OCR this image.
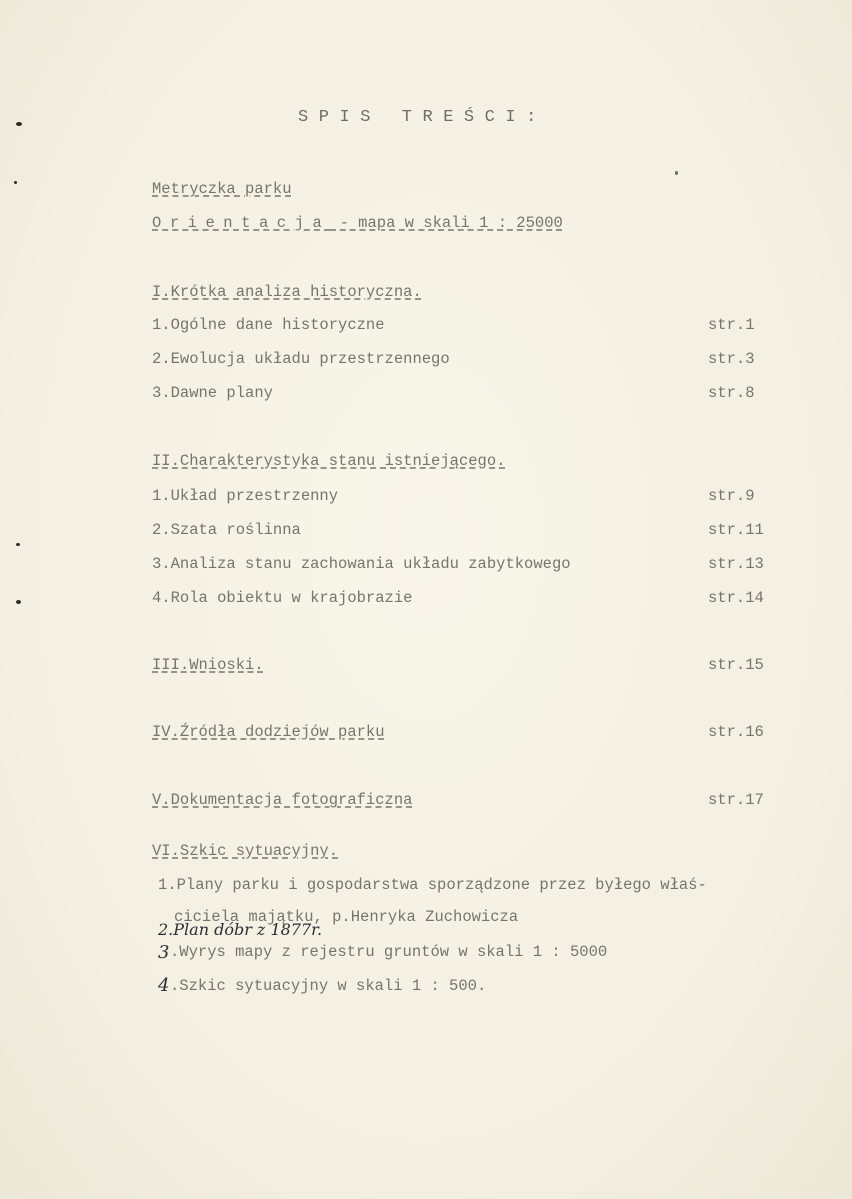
SPIS TREŚCI:
Metryczka parku
Orientacja - mapa w skali 1 : 25000
I.Krótka analiza historyczna.
1.Ogólne dane historyczne	str.1
2.Ewolucja układu przestrzennego	str.3
3.Dawne plany	str.8
II.Charakterystyka stanu istniejącego.
1.Układ przestrzenny	str.9
2.Szata roślinna	str.11
3.Analiza stanu zachowania układu zabytkowego	str.13
4.Rola obiektu w krajobrazie	str.14
III.Wnioski.	str.15
IV.Źródła dodziejów parku	str.16
V.Dokumentacja fotograficzna	str.17
VI.Szkic sytuacyjny.
1.Plany parku i gospodarstwa sporządzone przez byłego właś-
ciciela majątku, p.Henryka Zuchowicza
2.Plan dóbr z 1877r.
3 .Wyrys mapy z rejestru gruntów w skali 1 : 5000
4 .Szkic sytuacyjny w skali 1 : 500.
